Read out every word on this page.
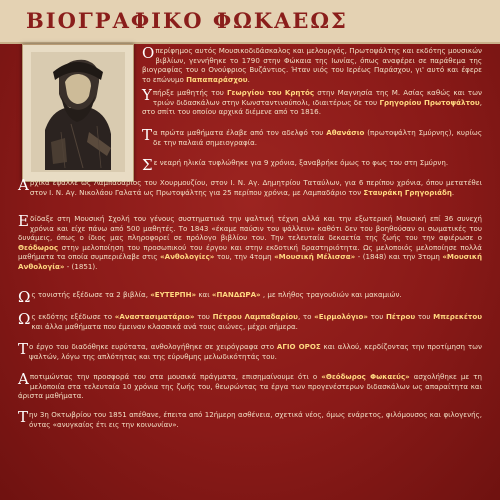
ΒΙΟΓΡΑΦΙΚΟ ΦΩΚΑΕΩΣ
Οπερίφημος αυτός Μουσικοδιδάσκαλος και μελουργός, Πρωτοψάλτης και εκδότης μουσικών βιβλίων, γεννήθηκε το 1790 στην Φώκαια της Ιωνίας, όπως αναφέρει σε παράθεμα της βιογραφίας του ο Ονούφριος Βυζάντιος. Ήταν υιός του Ιερέως Παράσχου, γι' αυτό και έφερε το επώνυμο Παπαπαράσχου.
Υπήρξε μαθητής του Γεωργίου του Κρητός στην Μαγνησία της Μ. Ασίας καθώς και των τριών διδασκάλων στην Κωνσταντινούπολι, ιδιαιτέρως δε του Γρηγορίου Πρωτοψάλτου, στο σπίτι του οποίου αρχικά διέμενε από το 1816.
Τα πρώτα μαθήματα έλαβε από τον αδελφό του Αθανάσιο (πρωτοψάλτη Σμύρνης), κυρίως δε την παλαιά σημειογραφία.
Σε νεαρή ηλικία τυφλώθηκε για 9 χρόνια, ξαναβρήκε όμως το φως του στη Σμύρνη.
Αρχικά έψαλλε ως Λαμπαδάριος του Χουρμουζίου, στον Ι. Ν. Αγ. Δημητρίου Ταταύλων, για 6 περίπου χρόνια, όπου μετατέθει στον Ι. Ν. Αγ. Νικολάου Γαλατά ως Πρωτοψάλτης για 25 περίπου χρόνια, με Λαμπαδάριο τον Σταυράκη Γρηγοριάδη.
Εδίδαξε στη Μουσική Σχολή του γένους συστηματικά την ψαλτική τέχνη αλλά και την εξωτερική Μουσική επί 36 συνεχή χρόνια και είχε πάνω από 500 μαθητές. Το 1843 «έκαμε παύσιν του ψάλλειν» καθότι δεν του βοηθούσαν οι σωματικές του δυνάμεις, όπως ο ίδιος μας πληροφορεί σε πρόλογο βιβλίου του. Την τελευταία δεκαετία της ζωής του την αφιέρωσε ο Θεόδωρος στην μελοποίηση του προσωπικού του έργου και στην εκδοτική δραστηριότητα. Ως μελοποιός μελοποίησε πολλά μαθήματα τα οποία συμπεριέλαβε στις «Ανθολογίες» του, την 4τομη «Μουσική Μέλισσα» - (1848) και την 3τομη «Μουσική Ανθολογία» - (1851).
Ως τονιστής εξέδωσε τα 2 βιβλία, «ΕΥΤΕΡΠΗ» και «ΠΑΝΔΩΡΑ» , με πλήθος τραγουδιών και μακαμιών.
Ως εκδότης εξέδωσε το «Αναστασιματάριο» του Πέτρου Λαμπαδαρίου, το «Ειρμολόγιο» του Πέτρου του Μπερεκέτου και άλλα μαθήματα που έμειναν κλασσικά ανά τους αιώνες, μέχρι σήμερα.
Το έργο του διαδόθηκε ευρύτατα, ανθολογήθηκε σε χειρόγραφα στο ΑΓΙΟ ΟΡΟΣ και αλλού, κερδίζοντας την προτίμηση των ψαλτών, λόγω της απλότητας και της εύρυθμης μελωδικότητάς του.
Αποτιμώντας την προσφορά του στα μουσικά πράγματα, επισημαίνουμε ότι ο «Θεόδωρος Φωκαεύς» ασχολήθηκε με τη μελοποιία στα τελευταία 10 χρόνια της ζωής του, θεωρώντας τα έργα των προγενέστερων διδασκάλων ως απαραίτητα και άριστα μαθήματα.
Την 3η Οκτωβρίου του 1851 απέθανε, έπειτα από 12ήμερη ασθένεια, σχετικά νέος, όμως ενάρετος, φιλόμουσος και φιλογενής, όντας «ανυγκαίος έτι εις την κοινωνίαν».
